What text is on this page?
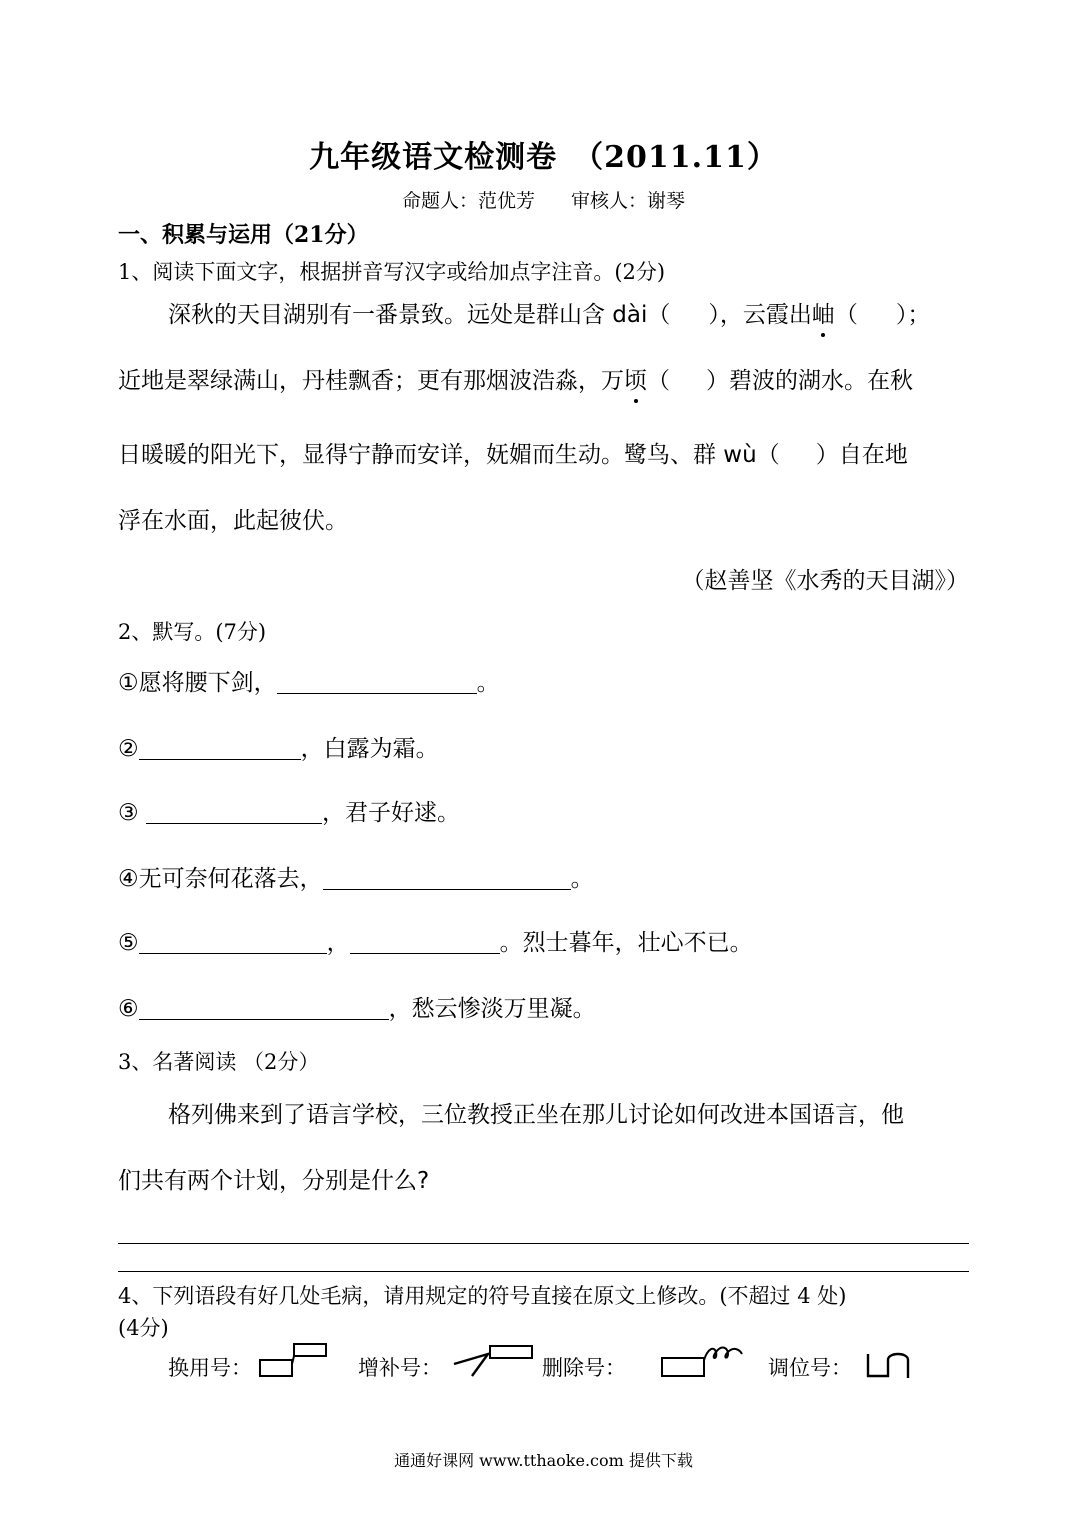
九年级语文检测卷　（2011.11）
命题人：范优芳 审核人：谢琴
一、积累与运用（21分）
1、阅读下面文字，根据拼音写汉字或给加点字注音。(2分)
深秋的天目湖别有一番景致。远处是群山含 dài（ ），云霞出岫（ ）；
近地是翠绿满山，丹桂飘香；更有那烟波浩淼，万顷（ ）碧波的湖水。在秋
日暖暖的阳光下，显得宁静而安详，妩媚而生动。鹭鸟、群 wù（ ）自在地
浮在水面，此起彼伏。
（赵善坚《水秀的天目湖》）
2、默写。(7分)
①愿将腰下剑，	。
②	，白露为霜。
③	，君子好逑。
④无可奈何花落去，	。
⑤	，	。烈士暮年，壮心不已。
⑥	，愁云惨淡万里凝。
3、名著阅读 （2分）
格列佛来到了语言学校，三位教授正坐在那儿讨论如何改进本国语言，他
们共有两个计划，分别是什么?
4、下列语段有好几处毛病，请用规定的符号直接在原文上修改。(不超过 4 处)
(4分)
换用号：	增补号：	删除号：	调位号：
通通好课网 www.tthaoke.com 提供下载
